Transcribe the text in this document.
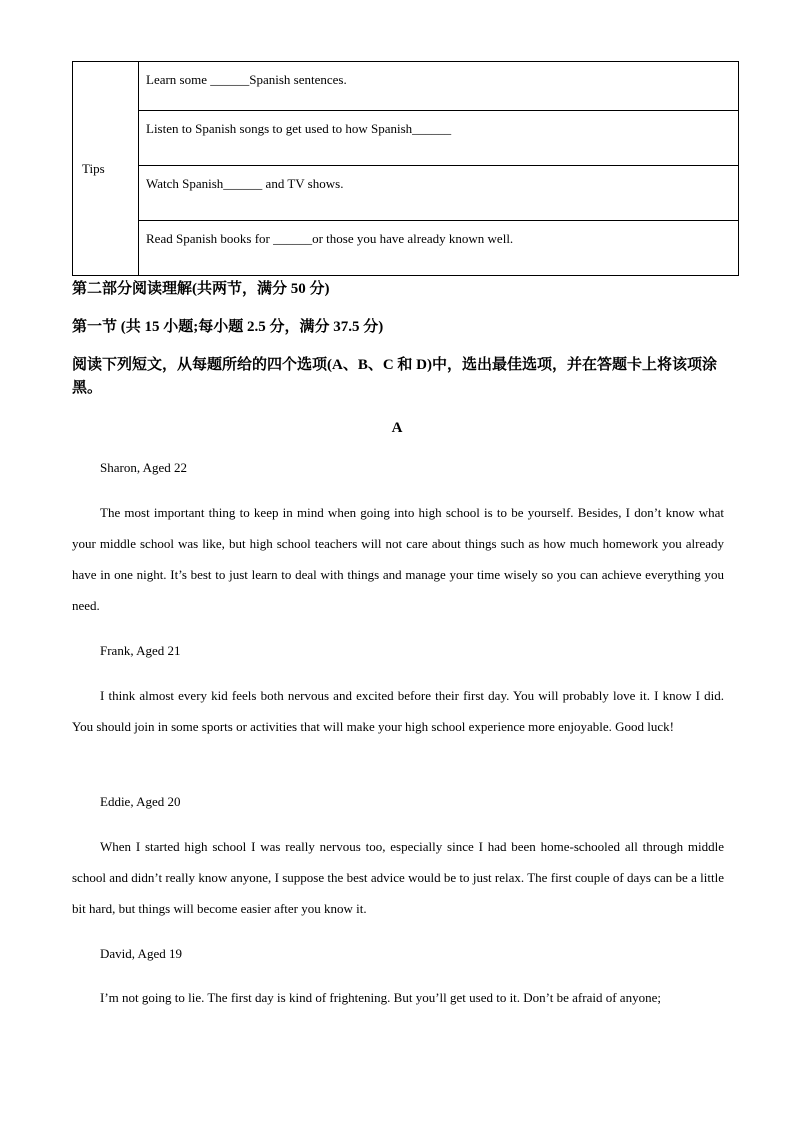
Tips	Learn some ______Spanish sentences.
Listen to Spanish songs to get used to how Spanish______
Watch Spanish______ and TV shows.
Read Spanish books for ______or those you have already known well.
第二部分阅读理解(共两节，满分 50 分)
第一节 (共 15 小题;每小题 2.5 分，满分 37.5 分)
阅读下列短文，从每题所给的四个选项(A、B、C 和 D)中，选出最佳选项，并在答题卡上将该项涂黑。
A
Sharon, Aged 22

The most important thing to keep in mind when going into high school is to be yourself. Besides, I don’t know what your middle school was like, but high school teachers will not care about things such as how much homework you already have in one night. It’s best to just learn to deal with things and manage your time wisely so you can achieve everything you need.

Frank, Aged 21

I think almost every kid feels both nervous and excited before their first day. You will probably love it. I know I did. You should join in some sports or activities that will make your high school experience more enjoyable. Good luck!

Eddie, Aged 20

When I started high school I was really nervous too, especially since I had been home-schooled all through middle school and didn’t really know anyone, I suppose the best advice would be to just relax. The first couple of days can be a little bit hard, but things will become easier after you know it.

David, Aged 19

I’m not going to lie. The first day is kind of frightening. But you’ll get used to it. Don’t be afraid of anyone;
